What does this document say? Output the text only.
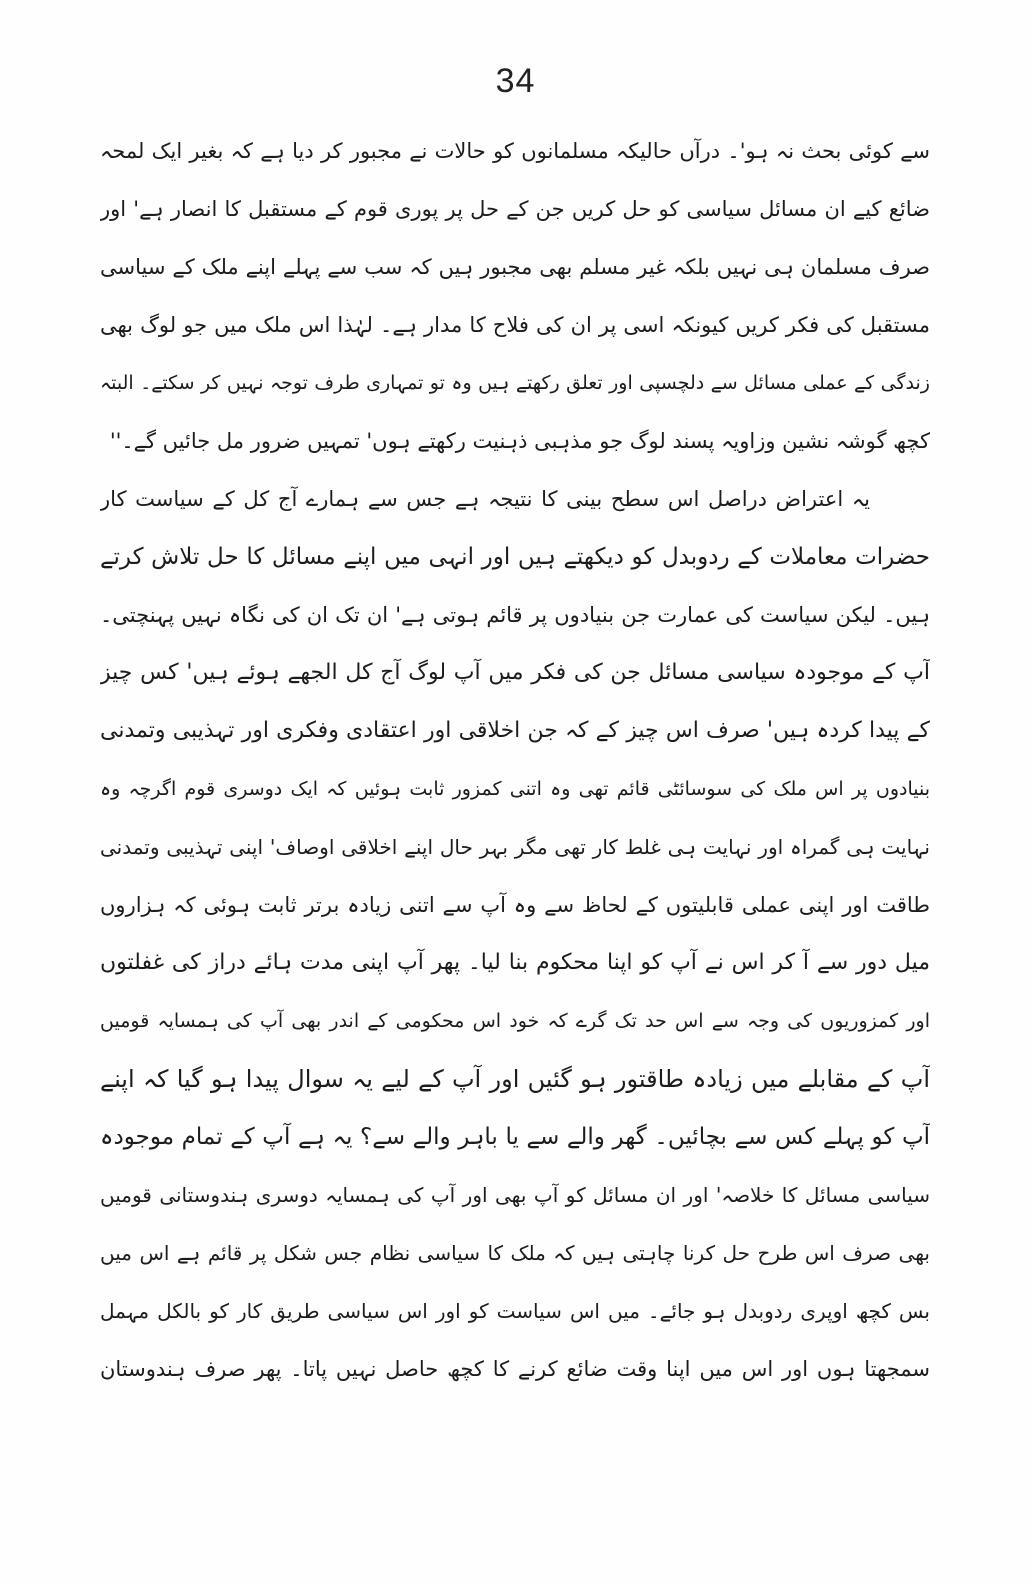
34
سے کوئی بحث نہ ہو'۔ درآں حالیکہ مسلمانوں کو حالات نے مجبور کر دیا ہے کہ بغیر ایک لمحہ
ضائع کیے ان مسائل سیاسی کو حل کریں جن کے حل پر پوری قوم کے مستقبل کا انصار ہے' اور
صرف مسلمان ہی نہیں بلکہ غیر مسلم بھی مجبور ہیں کہ سب سے پہلے اپنے ملک کے سیاسی
مستقبل کی فکر کریں کیونکہ اسی پر ان کی فلاح کا مدار ہے۔ لہٰذا اس ملک میں جو لوگ بھی
زندگی کے عملی مسائل سے دلچسپی اور تعلق رکھتے ہیں وہ تو تمہاری طرف توجہ نہیں کر سکتے۔ البتہ
کچھ گوشہ نشین وزاویہ پسند لوگ جو مذہبی ذہنیت رکھتے ہوں' تمہیں ضرور مل جائیں گے۔''
یہ اعتراض دراصل اس سطح بینی کا نتیجہ ہے جس سے ہمارے آج کل کے سیاست کار
حضرات معاملات کے ردوبدل کو دیکھتے ہیں اور انہی میں اپنے مسائل کا حل تلاش کرتے
ہیں۔ لیکن سیاست کی عمارت جن بنیادوں پر قائم ہوتی ہے' ان تک ان کی نگاہ نہیں پہنچتی۔
آپ کے موجودہ سیاسی مسائل جن کی فکر میں آپ لوگ آج کل الجھے ہوئے ہیں' کس چیز
کے پیدا کردہ ہیں' صرف اس چیز کے کہ جن اخلاقی اور اعتقادی وفکری اور تہذیبی وتمدنی
بنیادوں پر اس ملک کی سوسائٹی قائم تھی وہ اتنی کمزور ثابت ہوئیں کہ ایک دوسری قوم اگرچہ وہ
نہایت ہی گمراہ اور نہایت ہی غلط کار تھی مگر بہر حال اپنے اخلاقی اوصاف' اپنی تہذیبی وتمدنی
طاقت اور اپنی عملی قابلیتوں کے لحاظ سے وہ آپ سے اتنی زیادہ برتر ثابت ہوئی کہ ہزاروں
میل دور سے آ کر اس نے آپ کو اپنا محکوم بنا لیا۔ پھر آپ اپنی مدت ہائے دراز کی غفلتوں
اور کمزوریوں کی وجہ سے اس حد تک گرے کہ خود اس محکومی کے اندر بھی آپ کی ہمسایہ قومیں
آپ کے مقابلے میں زیادہ طاقتور ہو گئیں اور آپ کے لیے یہ سوال پیدا ہو گیا کہ اپنے
آپ کو پہلے کس سے بچائیں۔ گھر والے سے یا باہر والے سے؟ یہ ہے آپ کے تمام موجودہ
سیاسی مسائل کا خلاصہ' اور ان مسائل کو آپ بھی اور آپ کی ہمسایہ دوسری ہندوستانی قومیں
بھی صرف اس طرح حل کرنا چاہتی ہیں کہ ملک کا سیاسی نظام جس شکل پر قائم ہے اس میں
بس کچھ اوپری ردوبدل ہو جائے۔ میں اس سیاست کو اور اس سیاسی طریق کار کو بالکل مہمل
سمجھتا ہوں اور اس میں اپنا وقت ضائع کرنے کا کچھ حاصل نہیں پاتا۔ پھر صرف ہندوستان
